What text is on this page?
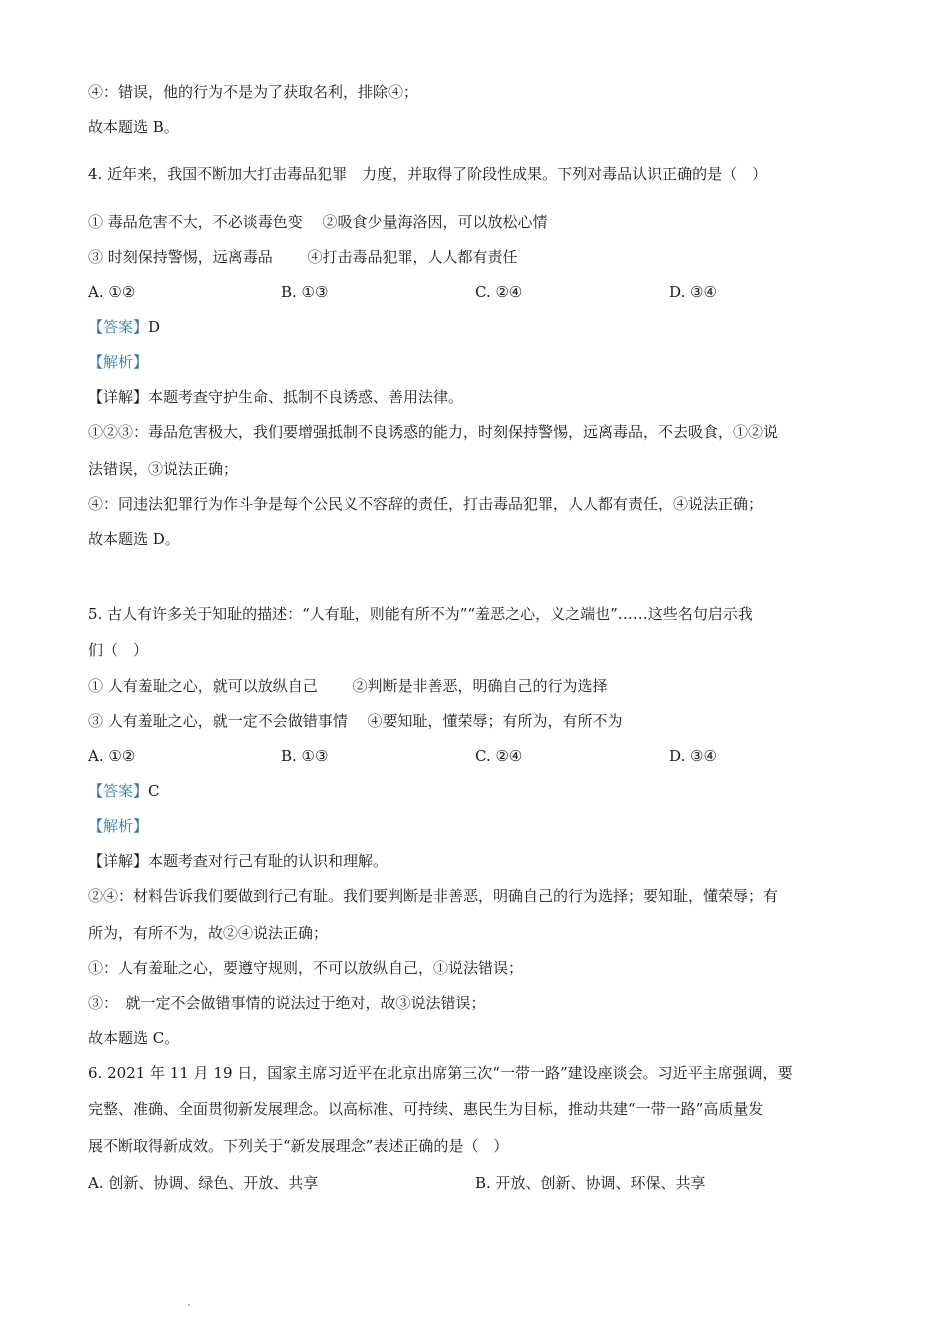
④：错误，他的行为不是为了获取名利，排除④；
故本题选 B。
4. 近年来，我国不断加大打击毒品犯罪　力度，并取得了阶段性成果。下列对毒品认识正确的是（　）
① 毒品危害不大，不必谈毒色变　 ②吸食少量海洛因，可以放松心情
③ 时刻保持警惕，远离毒品　　 ④打击毒品犯罪，人人都有责任
A. ①②	B. ①③	C. ②④	D. ③④
【答案】D
【解析】
【详解】本题考查守护生命、抵制不良诱惑、善用法律。
①②③：毒品危害极大，我们要增强抵制不良诱惑的能力，时刻保持警惕，远离毒品，不去吸食，①②说
法错误，③说法正确；
④：同违法犯罪行为作斗争是每个公民义不容辞的责任，打击毒品犯罪，人人都有责任，④说法正确；
故本题选 D。
5. 古人有许多关于知耻的描述：“人有耻，则能有所不为”“羞恶之心，义之端也”……这些名句启示我
们（　）
① 人有羞耻之心，就可以放纵自己　　 ②判断是非善恶，明确自己的行为选择
③ 人有羞耻之心，就一定不会做错事情　 ④要知耻，懂荣辱；有所为，有所不为
A. ①②	B. ①③	C. ②④	D. ③④
【答案】C
【解析】
【详解】本题考查对行己有耻的认识和理解。
②④：材料告诉我们要做到行己有耻。我们要判断是非善恶，明确自己的行为选择；要知耻，懂荣辱；有
所为，有所不为，故②④说法正确；
①：人有羞耻之心，要遵守规则，不可以放纵自己，①说法错误；
③：　就一定不会做错事情的说法过于绝对，故③说法错误；
故本题选 C。
6. 2021 年 11 月 19 日，国家主席习近平在北京出席第三次“一带一路”建设座谈会。习近平主席强调，要
完整、准确、全面贯彻新发展理念。以高标准、可持续、惠民生为目标，推动共建“一带一路”高质量发
展不断取得新成效。下列关于“新发展理念”表述正确的是（　）
A. 创新、协调、绿色、开放、共享	B. 开放、创新、协调、环保、共享
